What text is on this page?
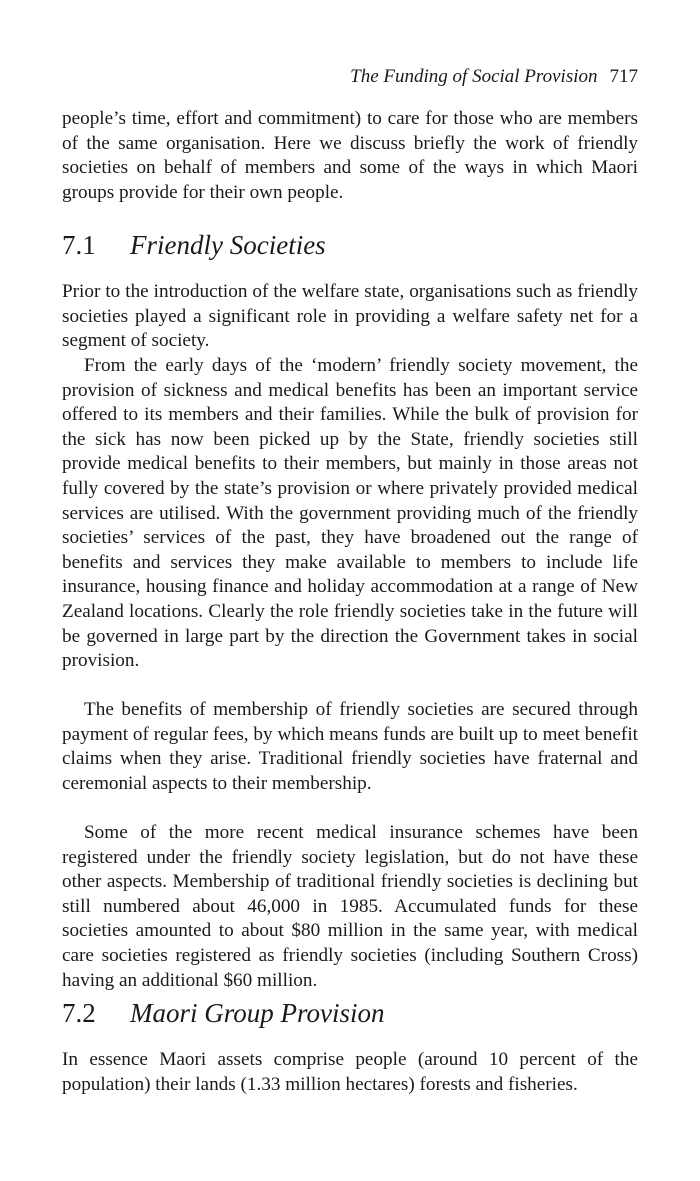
The Funding of Social Provision 717

people’s time, effort and commitment) to care for those who are members of the same organisation. Here we discuss briefly the work of friendly societies on behalf of members and some of the ways in which Maori groups provide for their own people.

7.1 Friendly Societies

Prior to the introduction of the welfare state, organisations such as friendly societies played a significant role in providing a welfare safety net for a segment of society.

From the early days of the ‘modern’ friendly society movement, the provision of sickness and medical benefits has been an important service offered to its members and their families. While the bulk of provision for the sick has now been picked up by the State, friendly societies still provide medical benefits to their members, but mainly in those areas not fully covered by the state’s provision or where privately provided medical services are utilised. With the government providing much of the friendly societies’ services of the past, they have broadened out the range of benefits and services they make available to members to include life insurance, housing finance and holiday accommodation at a range of New Zealand locations. Clearly the role friendly societies take in the future will be governed in large part by the direction the Government takes in social provision.

The benefits of membership of friendly societies are secured through payment of regular fees, by which means funds are built up to meet benefit claims when they arise. Traditional friendly societies have fraternal and ceremonial aspects to their membership.

Some of the more recent medical insurance schemes have been registered under the friendly society legislation, but do not have these other aspects. Membership of traditional friendly societies is declining but still numbered about 46,000 in 1985. Accumulated funds for these societies amounted to about $80 million in the same year, with medical care societies registered as friendly societies (including Southern Cross) having an additional $60 million.

7.2 Maori Group Provision

In essence Maori assets comprise people (around 10 percent of the population) their lands (1.33 million hectares) forests and fisheries.
